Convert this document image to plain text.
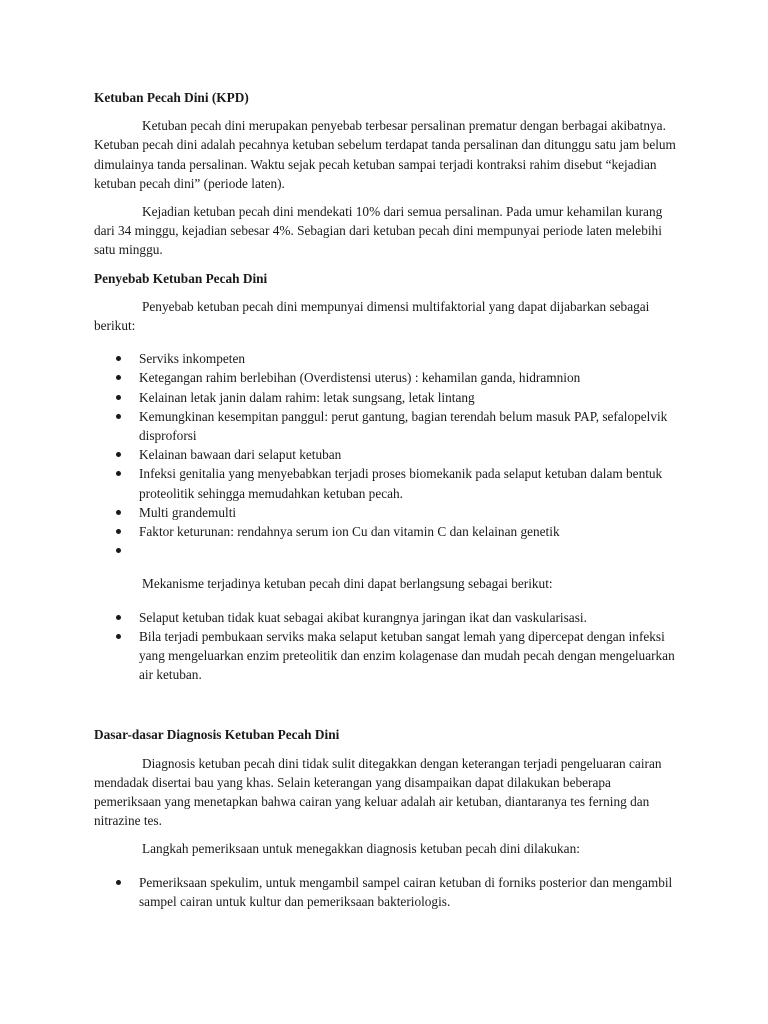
Ketuban Pecah Dini (KPD)

Ketuban pecah dini merupakan penyebab terbesar persalinan prematur dengan berbagai akibatnya. Ketuban pecah dini adalah pecahnya ketuban sebelum terdapat tanda persalinan dan ditunggu satu jam belum dimulainya tanda persalinan. Waktu sejak pecah ketuban sampai terjadi kontraksi rahim disebut “kejadian ketuban pecah dini” (periode laten).

Kejadian ketuban pecah dini mendekati 10% dari semua persalinan. Pada umur kehamilan kurang dari 34 minggu, kejadian sebesar 4%. Sebagian dari ketuban pecah dini mempunyai periode laten melebihi satu minggu.

Penyebab Ketuban Pecah Dini

Penyebab ketuban pecah dini mempunyai dimensi multifaktorial yang dapat dijabarkan sebagai berikut:

Serviks inkompeten
Ketegangan rahim berlebihan (Overdistensi uterus) : kehamilan ganda, hidramnion
Kelainan letak janin dalam rahim: letak sungsang, letak lintang
Kemungkinan kesempitan panggul: perut gantung, bagian terendah belum masuk PAP, sefalopelvik disproforsi
Kelainan bawaan dari selaput ketuban
Infeksi genitalia yang menyebabkan terjadi proses biomekanik pada selaput ketuban dalam bentuk proteolitik sehingga memudahkan ketuban pecah.
Multi grandemulti
Faktor keturunan: rendahnya serum ion Cu dan vitamin C dan kelainan genetik

Mekanisme terjadinya ketuban pecah dini dapat berlangsung sebagai berikut:

Selaput ketuban tidak kuat sebagai akibat kurangnya jaringan ikat dan vaskularisasi.
Bila terjadi pembukaan serviks maka selaput ketuban sangat lemah yang dipercepat dengan infeksi yang mengeluarkan enzim preteolitik dan enzim kolagenase dan mudah pecah dengan mengeluarkan air ketuban.
Dasar-dasar Diagnosis Ketuban Pecah Dini

Diagnosis ketuban pecah dini tidak sulit ditegakkan dengan keterangan terjadi pengeluaran cairan mendadak disertai bau yang khas. Selain keterangan yang disampaikan dapat dilakukan beberapa pemeriksaan yang menetapkan bahwa cairan yang keluar adalah air ketuban, diantaranya tes ferning dan nitrazine tes.

Langkah pemeriksaan untuk menegakkan diagnosis ketuban pecah dini dilakukan:

Pemeriksaan spekulim, untuk mengambil sampel cairan ketuban di forniks posterior dan mengambil sampel cairan untuk kultur dan pemeriksaan bakteriologis.
